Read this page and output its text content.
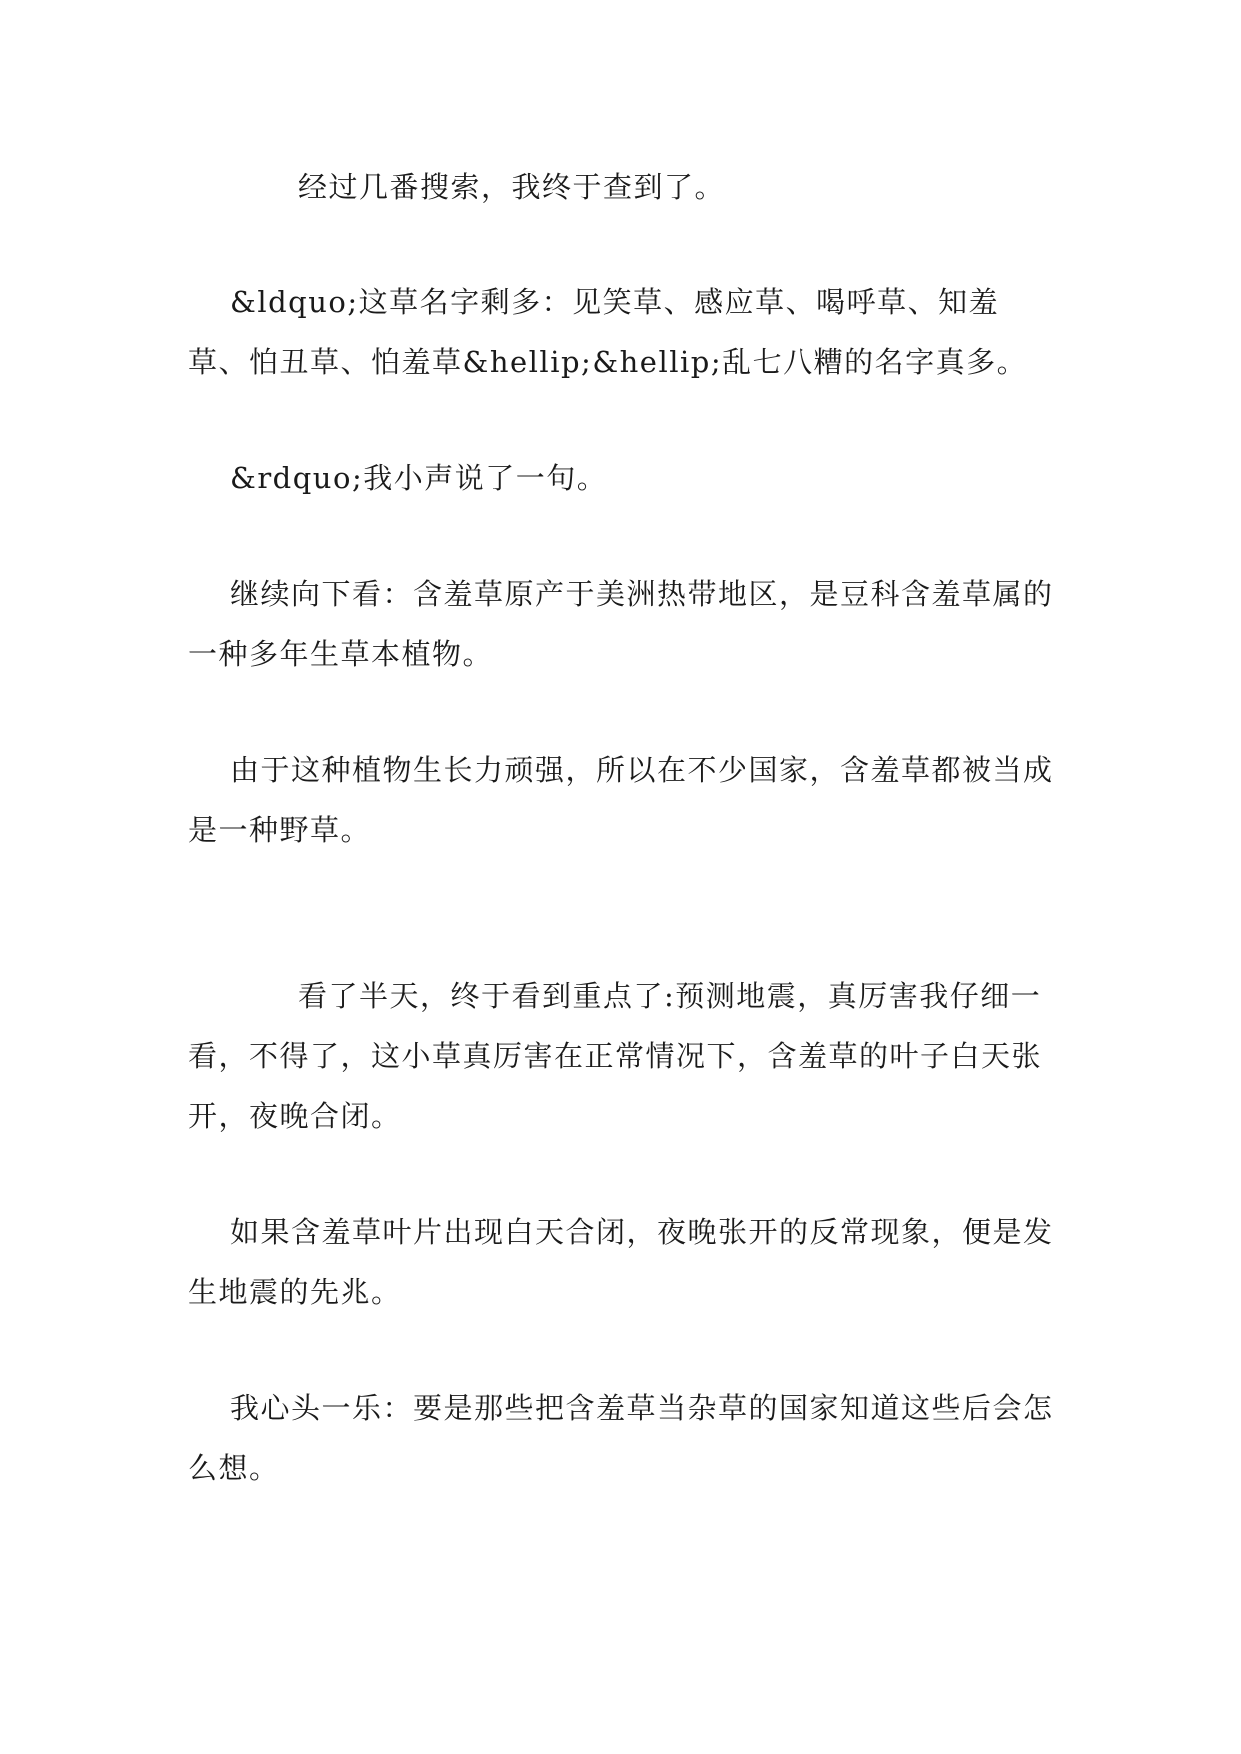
经过几番搜索，我终于查到了。

&ldquo;这草名字剩多：见笑草、感应草、喝呼草、知羞草、怕丑草、怕羞草&hellip;&hellip;乱七八糟的名字真多。

&rdquo;我小声说了一句。

继续向下看：含羞草原产于美洲热带地区，是豆科含羞草属的一种多年生草本植物。

由于这种植物生长力顽强，所以在不少国家，含羞草都被当成是一种野草。

看了半天，终于看到重点了:预测地震，真厉害我仔细一看，不得了，这小草真厉害在正常情况下，含羞草的叶子白天张开，夜晚合闭。

如果含羞草叶片出现白天合闭，夜晚张开的反常现象，便是发生地震的先兆。

我心头一乐：要是那些把含羞草当杂草的国家知道这些后会怎么想。
